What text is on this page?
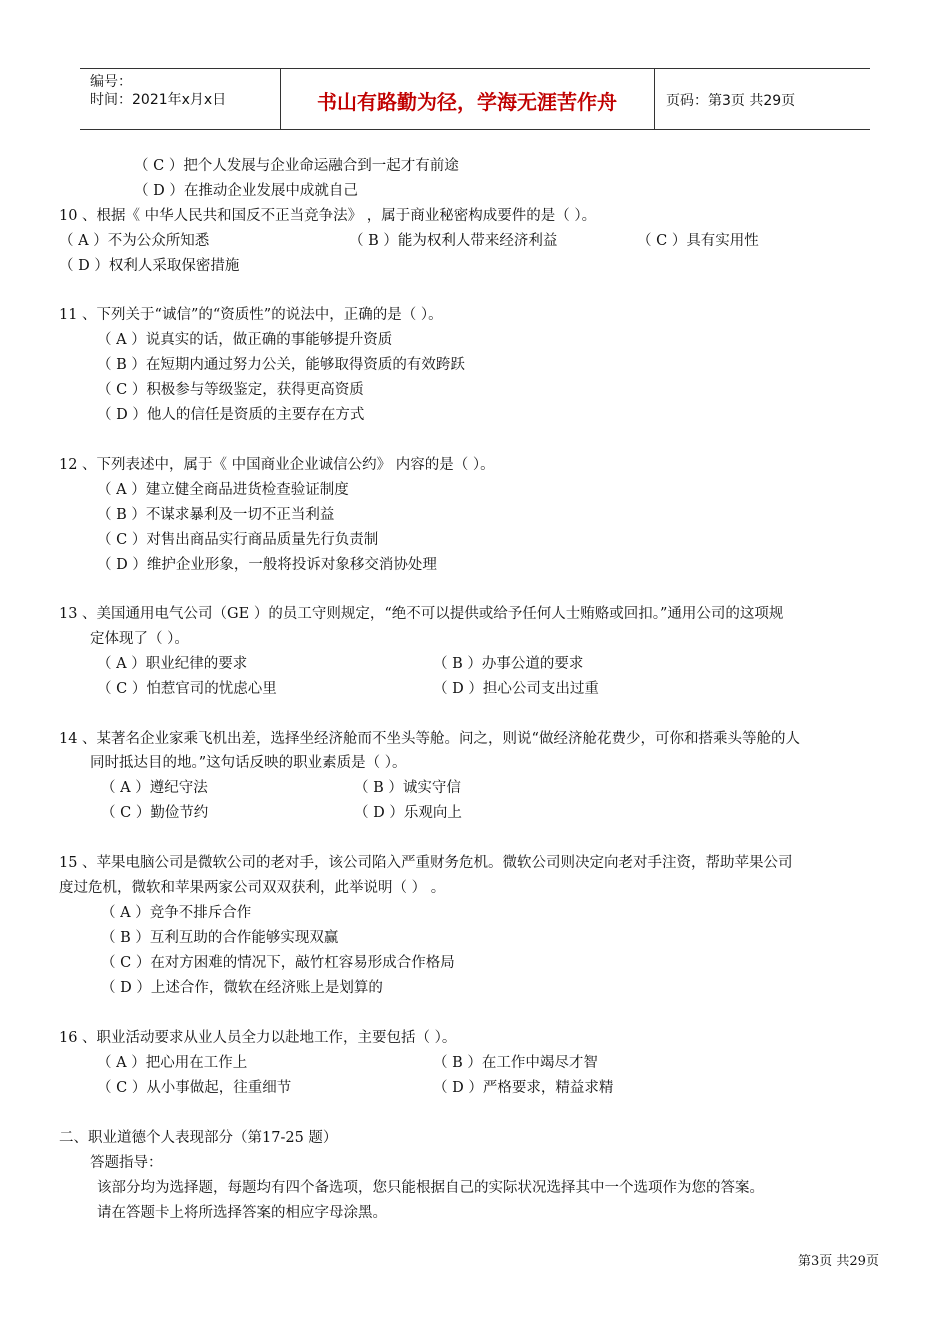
编号：
时间：2021年x月x日	书山有路勤为径，学海无涯苦作舟	页码：第3页 共29页
（ C ）把个人发展与企业命运融合到一起才有前途
（ D ）在推动企业发展中成就自己
10 、根据《 中华人民共和国反不正当竞争法》 ，属于商业秘密构成要件的是（ ）。
（ A ）不为公众所知悉	（ B ）能为权利人带来经济利益	（ C ）具有实用性
（ D ）权利人采取保密措施
11 、下列关于“诚信”的“资质性”的说法中，正确的是（ ）。
（ A ）说真实的话，做正确的事能够提升资质
（ B ）在短期内通过努力公关，能够取得资质的有效跨跃
（ C ）积极参与等级鉴定，获得更高资质
（ D ）他人的信任是资质的主要存在方式
12 、下列表述中，属于《 中国商业企业诚信公约》 内容的是（ ）。
（ A ）建立健全商品进货检查验证制度
（ B ）不谋求暴利及一切不正当利益
（ C ）对售出商品实行商品质量先行负责制
（ D ）维护企业形象，一般将投诉对象移交消协处理
13 、美国通用电气公司（GE ）的员工守则规定，“绝不可以提供或给予任何人士贿赂或回扣。”通用公司的这项规
定体现了（ ）。
（ A ）职业纪律的要求	（ B ）办事公道的要求
（ C ）怕惹官司的忧虑心里	（ D ）担心公司支出过重
14 、某著名企业家乘飞机出差，选择坐经济舱而不坐头等舱。问之，则说“做经济舱花费少，可你和搭乘头等舱的人
同时抵达目的地。”这句话反映的职业素质是（ ）。
（ A ）遵纪守法	（ B ）诚实守信
（ C ）勤俭节约	（ D ）乐观向上
15 、苹果电脑公司是微软公司的老对手，该公司陷入严重财务危机。微软公司则决定向老对手注资，帮助苹果公司
度过危机，微软和苹果两家公司双双获利，此举说明（ ） 。
（ A ）竞争不排斥合作
（ B ）互利互助的合作能够实现双赢
（ C ）在对方困难的情况下，敲竹杠容易形成合作格局
（ D ）上述合作，微软在经济账上是划算的
16 、职业活动要求从业人员全力以赴地工作，主要包括（ ）。
（ A ）把心用在工作上	（ B ）在工作中竭尽才智
（ C ）从小事做起，往重细节	（ D ）严格要求，精益求精
二、职业道德个人表现部分（第17-25 题）
答题指导：
该部分均为选择题，每题均有四个备选项，您只能根据自己的实际状况选择其中一个选项作为您的答案。
请在答题卡上将所选择答案的相应字母涂黑。
第3页 共29页
